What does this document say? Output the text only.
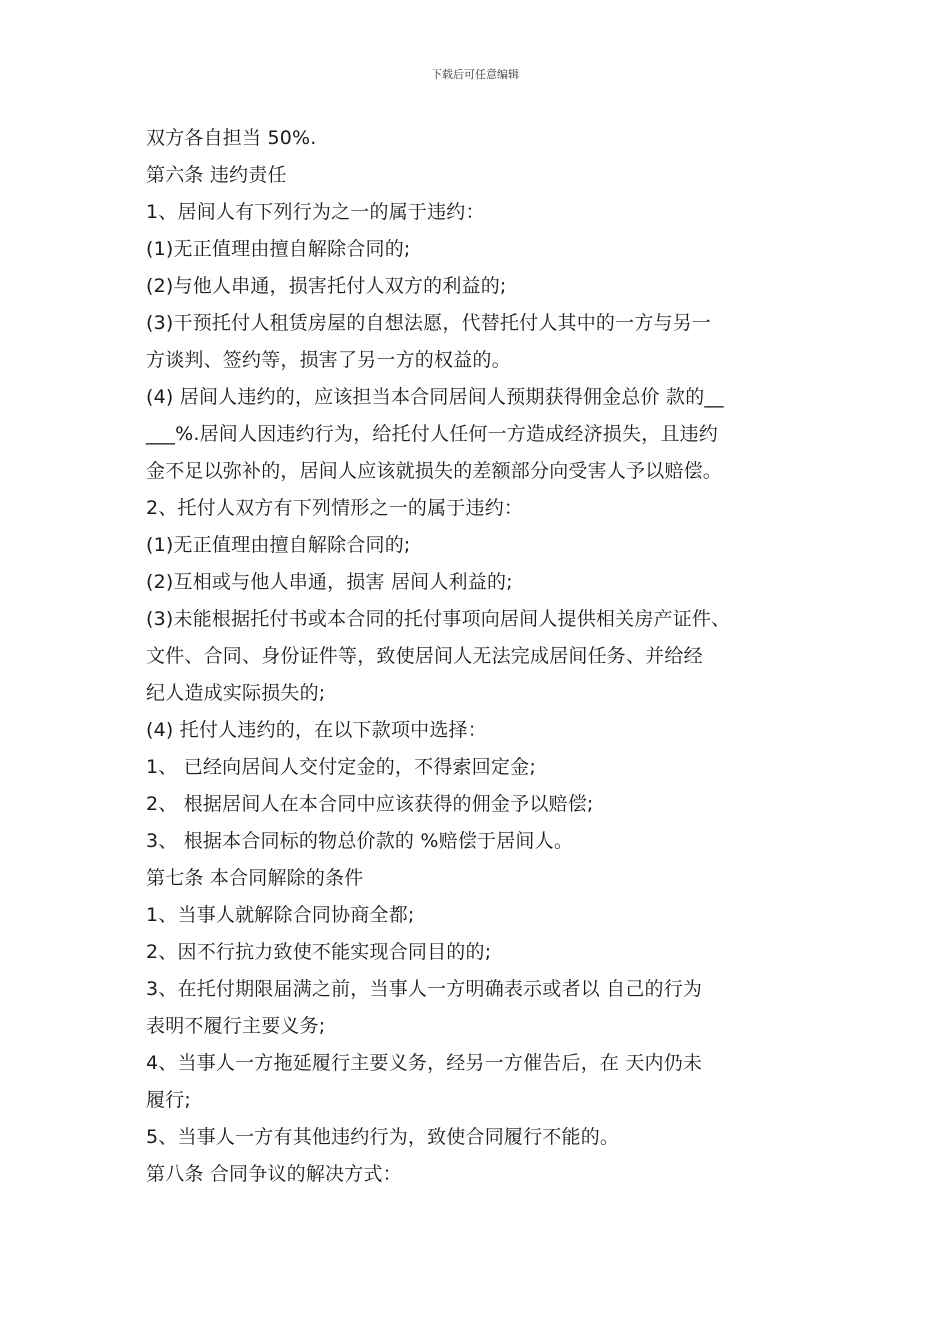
下载后可任意编辑
双方各自担当 50%.
第六条 违约责任
1、居间人有下列行为之一的属于违约：
(1)无正值理由擅自解除合同的;
(2)与他人串通，损害托付人双方的利益的;
(3)干预托付人租赁房屋的自想法愿，代替托付人其中的一方与另一
方谈判、签约等，损害了另一方的权益的。
(4) 居间人违约的，应该担当本合同居间人预期获得佣金总价 款的__
___%.居间人因违约行为，给托付人任何一方造成经济损失，且违约
金不足以弥补的，居间人应该就损失的差额部分向受害人予以赔偿。
2、托付人双方有下列情形之一的属于违约：
(1)无正值理由擅自解除合同的;
(2)互相或与他人串通，损害 居间人利益的;
(3)未能根据托付书或本合同的托付事项向居间人提供相关房产证件、
文件、合同、身份证件等，致使居间人无法完成居间任务、并给经
纪人造成实际损失的;
(4) 托付人违约的，在以下款项中选择：
1、 已经向居间人交付定金的，不得索回定金;
2、 根据居间人在本合同中应该获得的佣金予以赔偿;
3、 根据本合同标的物总价款的 %赔偿于居间人。
第七条 本合同解除的条件
1、当事人就解除合同协商全都;
2、因不行抗力致使不能实现合同目的的;
3、在托付期限届满之前，当事人一方明确表示或者以 自己的行为
表明不履行主要义务;
4、当事人一方拖延履行主要义务，经另一方催告后，在 天内仍未
履行;
5、当事人一方有其他违约行为，致使合同履行不能的。
第八条 合同争议的解决方式：
